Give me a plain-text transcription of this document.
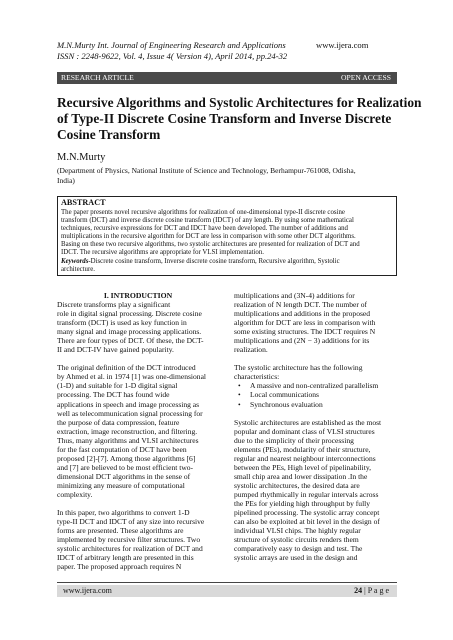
M.N.Murty Int. Journal of Engineering Research and Applications
ISSN : 2248-9622, Vol. 4, Issue 4( Version 4), April 2014, pp.24-32
www.ijera.com
RESEARCH ARTICLE	OPEN ACCESS
Recursive Algorithms and Systolic Architectures for Realization
of Type-II Discrete Cosine Transform and Inverse Discrete
Cosine Transform
M.N.Murty
(Department of Physics, National Institute of Science and Technology, Berhampur-761008, Odisha,
India)
ABSTRACT
The paper presents novel recursive algorithms for realization of one-dimensional type-II discrete cosine
transform (DCT) and inverse discrete cosine transform (IDCT) of any length. By using some mathematical
techniques, recursive expressions for DCT and IDCT have been developed. The number of additions and
multiplications in the recursive algorithm for DCT are less in comparison with some other DCT algorithms.
Basing on these two recursive algorithms, two systolic architectures are presented for realization of DCT and
IDCT. The recursive algorithms are appropriate for VLSI implementation.
Keywords-Discrete cosine transform, Inverse discrete cosine transform, Recursive algorithm, Systolic
architecture.
I. INTRODUCTION
Discrete transforms play a significant
role in digital signal processing. Discrete cosine
transform (DCT) is used as key function in
many signal and image processing applications.
There are four types of DCT. Of these, the DCT-
II and DCT-IV have gained popularity.
The original definition of the DCT introduced
by Ahmed et al. in 1974 [1] was one-dimensional
(1-D) and suitable for 1-D digital signal
processing. The DCT has found wide
applications in speech and image processing as
well as telecommunication signal processing for
the purpose of data compression, feature
extraction, image reconstruction, and filtering.
Thus, many algorithms and VLSI architectures
for the fast computation of DCT have been
proposed [2]-[7]. Among those algorithms [6]
and [7] are believed to be most efficient two-
dimensional DCT algorithms in the sense of
minimizing any measure of computational
complexity.
In this paper, two algorithms to convert 1-D
type-II DCT and IDCT of any size into recursive
forms are presented. These algorithms are
implemented by recursive filter structures. Two
systolic architectures for realization of DCT and
IDCT of arbitrary length are presented in this
paper. The proposed approach requires N
multiplications and (3N-4) additions for
realization of N length DCT. The number of
multiplications and additions in the proposed
algorithm for DCT are less in comparison with
some existing structures. The IDCT requires N
multiplications and (2N − 3) additions for its
realization.
The systolic architecture has the following
characteristics:
•	A massive and non-centralized parallelism
•	Local communications
•	Synchronous evaluation
Systolic architectures are established as the most
popular and dominant class of VLSI structures
due to the simplicity of their processing
elements (PEs), modularity of their structure,
regular and nearest neighbour interconnections
between the PEs, High level of pipelinability,
small chip area and lower dissipation .In the
systolic architectures, the desired data are
pumped rhythmically in regular intervals across
the PEs for yielding high throughput by fully
pipelined processing. The systolic array concept
can also be exploited at bit level in the design of
individual VLSI chips. The highly regular
structure of systolic circuits renders them
comparatively easy to design and test. The
systolic arrays are used in the design and
www.ijera.com	24 | P a g e
